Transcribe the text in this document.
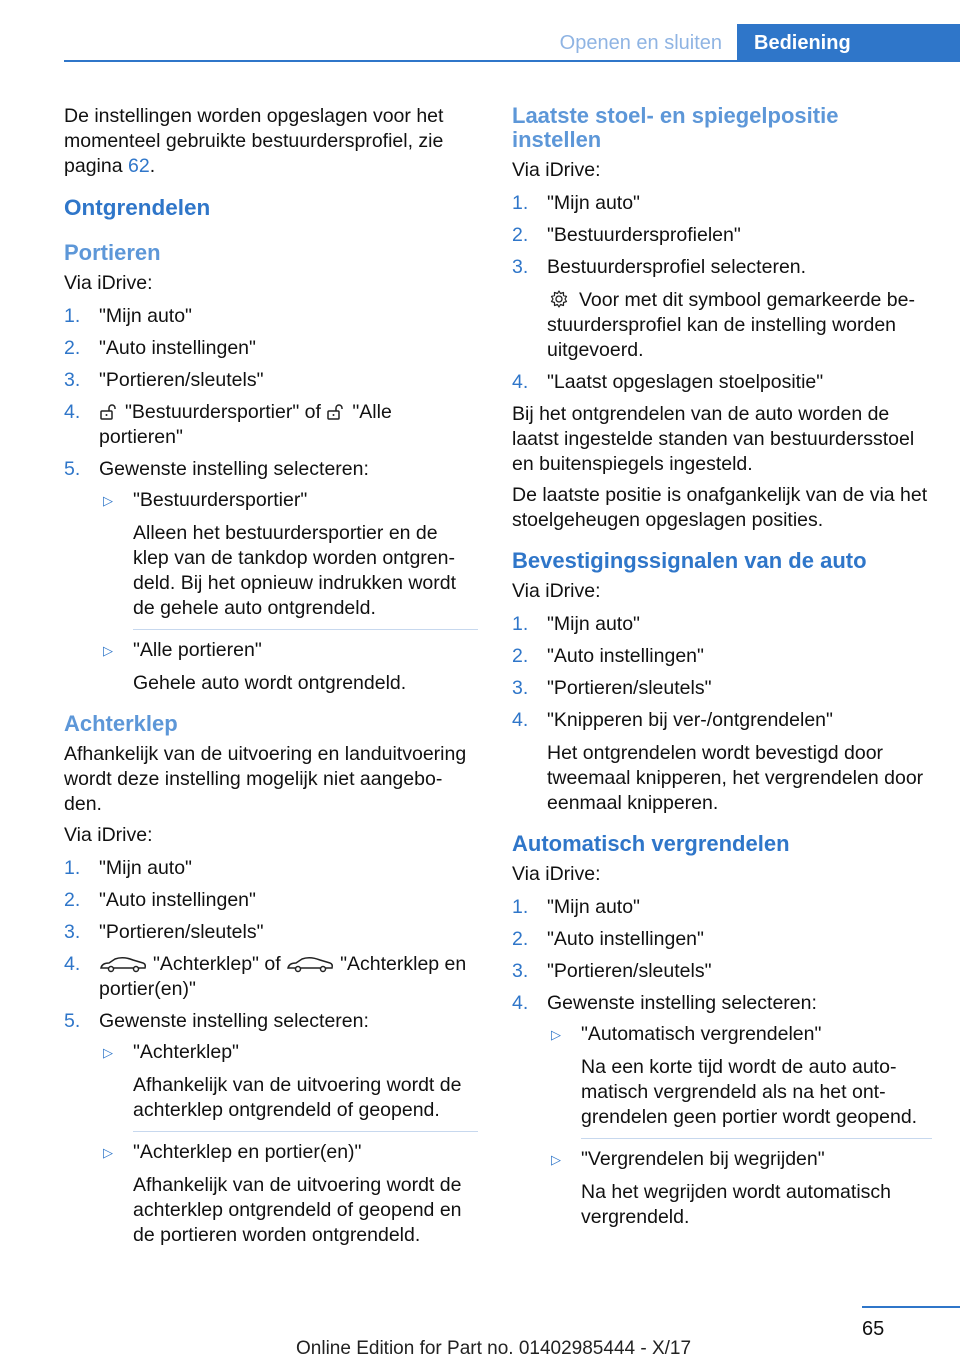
Openen en sluiten Bediening

De instellingen worden opgeslagen voor het momenteel gebruikte bestuurdersprofiel, zie pagina 62.

Ontgrendelen
Portieren

Via iDrive:

1. "Mijn auto"
2. "Auto instellingen"
3. "Portieren/sleutels"
4. "Bestuurdersportier" of
"Alle portieren"
5. Gewenste instelling selecteren:
▷ "Bestuurdersportier"
Alleen het bestuurdersportier en de klep van de tankdop worden ontgren-deld. Bij het opnieuw indrukken wordt de gehele auto ontgrendeld.
▷ "Alle portieren"
Gehele auto wordt ontgrendeld.
Achterklep

Afhankelijk van de uitvoering en landuitvoering wordt deze instelling mogelijk niet aangebo-den.

Via iDrive:

1. "Mijn auto"
2. "Auto instellingen"
3. "Portieren/sleutels"
4.	"Achterklep" of	"Achterklep en portier(en)"
5. Gewenste instelling selecteren:
▷ "Achterklep"
Afhankelijk van de uitvoering wordt de achterklep ontgrendeld of geopend.
▷ "Achterklep en portier(en)"
Afhankelijk van de uitvoering wordt de achterklep ontgrendeld of geopend en de portieren worden ontgrendeld.
Laatste stoel- en spiegelpositie instellen

Via iDrive:

1. "Mijn auto"
2. "Bestuurdersprofielen"
3. Bestuurdersprofiel selecteren.
Voor met dit symbool gemarkeerde be-stuurdersprofiel kan de instelling worden uitgevoerd.
4. "Laatst opgeslagen stoelpositie"

Bij het ontgrendelen van de auto worden de laatst ingestelde standen van bestuurdersstoel en buitenspiegels ingesteld.

De laatste positie is onafgankelijk van de via het stoelgeheugen opgeslagen posities.

Bevestigingssignalen van de auto

Via iDrive:

1. "Mijn auto"
2. "Auto instellingen"
3. "Portieren/sleutels"
4. "Knipperen bij ver-/ontgrendelen"
Het ontgrendelen wordt bevestigd door tweemaal knipperen, het vergrendelen door eenmaal knipperen.
Automatisch vergrendelen

Via iDrive:

1. "Mijn auto"
2. "Auto instellingen"
3. "Portieren/sleutels"
4. Gewenste instelling selecteren:
▷ "Automatisch vergrendelen"
Na een korte tijd wordt de auto auto-matisch vergrendeld als na het ont-grendelen geen portier wordt geopend.
▷ "Vergrendelen bij wegrijden"
Na het wegrijden wordt automatisch vergrendeld.
65
Online Edition for Part no. 01402985444 - X/17
